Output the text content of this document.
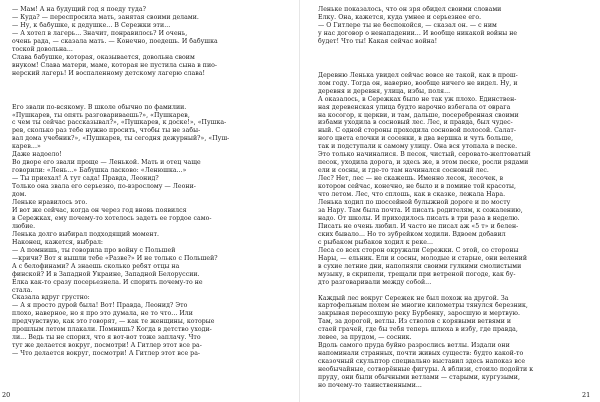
— Мам! А на будущий год я поеду туда?
— Куда? — переспросила мать, занятая своими делами.
— Ну, к бабушке, к дедушке... В Сережки эти...
— А хотел в лагерь... Значит, понравилось? И очень,
очень рада, — сказала мать. — Конечно, поедешь. И бабушка
тоской довольна...
Слава бабушке, которая, оказывается, довольна своим
внуком! Слава матери, маме, которая не пустила сына в пио-
нерский лагерь! И воспаленному детскому лагерю слава!
Его звали по-всякому. В школе обычно по фамилии.
«Пушкарев, ты опять разговариваешь?», «Пушкарев,
с чем ты сейчас рассказывал?», «Пушкарев, к доске!», «Пушка-
рев, сколько раз тебе нужно просить, чтобы ты не забы-
вал дома учебник?», «Пушкарев, ты сегодня дежурный?», «Пуш-
карев...»
Даже надоело!
Во дворе его звали проще — Ленькой. Мать и отец чаще
говорили: «Лень...» Бабушка ласково: «Ленюшка...»
— Ты приехал! А тут сада! Правда, Леонид?
Только она звала его серьезно, по-взрослому — Леони-
дом.
Леньке нравилось это.
И вот же сейчас, когда он через год вновь появился
в Сережках, ему почему-то хотелось задеть ее гордое само-
любие.
Ленька долго выбирал подходящий момент.
Наконец, кажется, выбрал:
— А помнишь, ты говорила про войну с Польшей
—кричи? Вот я вышли тебе «Разве?» И не только с Польшей?
А с белофинами? А знаешь сколько ребят отцы на
финской? И в Западной Украине, Западной Белоруссии.
Елка как-то сразу посерьезнела. И спорить почему-то не
стала.
Сказала вдруг грустно:
— А я просто дурой была! Вот! Правда, Леонид? Это
плохо, наверное, но я про это думала, не то что... Или
предчувствую, как это говорят, — как те женщины, которые
прошлым летом плакали. Помнишь? Когда в детство уходи-
ли... Ведь ты не спорил, что я вот-вот тоже заплачу. Что
тут же делается вокруг, посмотри! А Гитлер этот все ра-
— Что делается вокруг, посмотри! А Гитлер этот все ра-
Леньке показалось, что он зря обидел своими словами
Елку. Она, кажется, куда умнее и серьезнее его.
— О Гитлере ты не беспокойся, — сказал он. — с ним
у нас договор о ненападении... И вообще никакой войны не
будет! Что ты! Какая сейчас война!
Деревню Ленька увидел сейчас вовсе не такой, как в прош-
лом году. Тогда он, наверно, вообще ничего не видел. Ну, и
деревня и деревня, улица, избы, поля...
А оказалось, в Сережках было не так уж плохо. Единствен-
ная деревенская улица будто нарочно взбегала от оврага
на косогор, к церкви, и там, дальше, посеребренная своими
избами уходила в сосновый лес. Лес, и правда, был чудес-
ный. С одной стороны проходила сосновой полосой. Салат-
ного цвета елочки и сосенки, в два вершка и чуть больше,
так и подступали к самому улицу. Она вся утопала в песке.
Это только начиналися. В песок, чистый, серовато-желтоватый
песок, уходила дорога, и здесь же, в этом песке, росли рядами
ели и сосны, и где-то там начинался сосновый лес.
Лес? Нет, лес — не скажешь. Именно лесок, лесочек, в
котором сейчас, конечно, не было и в помине той красоты,
что летом. Лес, что сплошь, как в сказке, лежала Нара.
Ленька ходил по шоссейной булыжной дороге и по мосту
за Нару. Там была почта. И писать родителям, к сожалению,
надо. От школы. И приходилось писать в три раза в неделю.
Писать не очень любил. И часто не писал аж «5 т» и белен-
ских бывало... Но то зубрейком ходили. Вдвоем добавил
с рыбаком рыбаков ходил к реке...
Леса со всех сторон окружали Сережки. С этой, со стороны
Нары, — ельник. Ели и сосны, молодые и старые, они велений
в сухие летние дни, наполняли своими гулкими смолистыми
музыку, в скрипели, трещали при ветреной погоде, как бу-
дто разговаривали между собой...
Каждый лес вокруг Сережек не был похож на другой. За
картофельным полем не многие километры тянулся березник,
закрывая пересохшую реку Бурбенку, заросшую и мертвую.
Там, за дорогой, ветлы. Из стволов с корявыми ветвями и
стаей грачей, где бы тебя теперь шлюха в избу, где правда,
левее, за прудом, — сосник.
Вдоль самого пруда буйно разрослись ветлы. Издали они
напоминали странных, почти живых существ: будто какой-то
сказочный скульптор специально выставил здесь напоказ все
необычайные, сотворённые фигуры. А вблизи, стоило подойти к
пруду, они были обычными ветлами — старыми, кургузыми,
но почему-то таинственными...
20	21
